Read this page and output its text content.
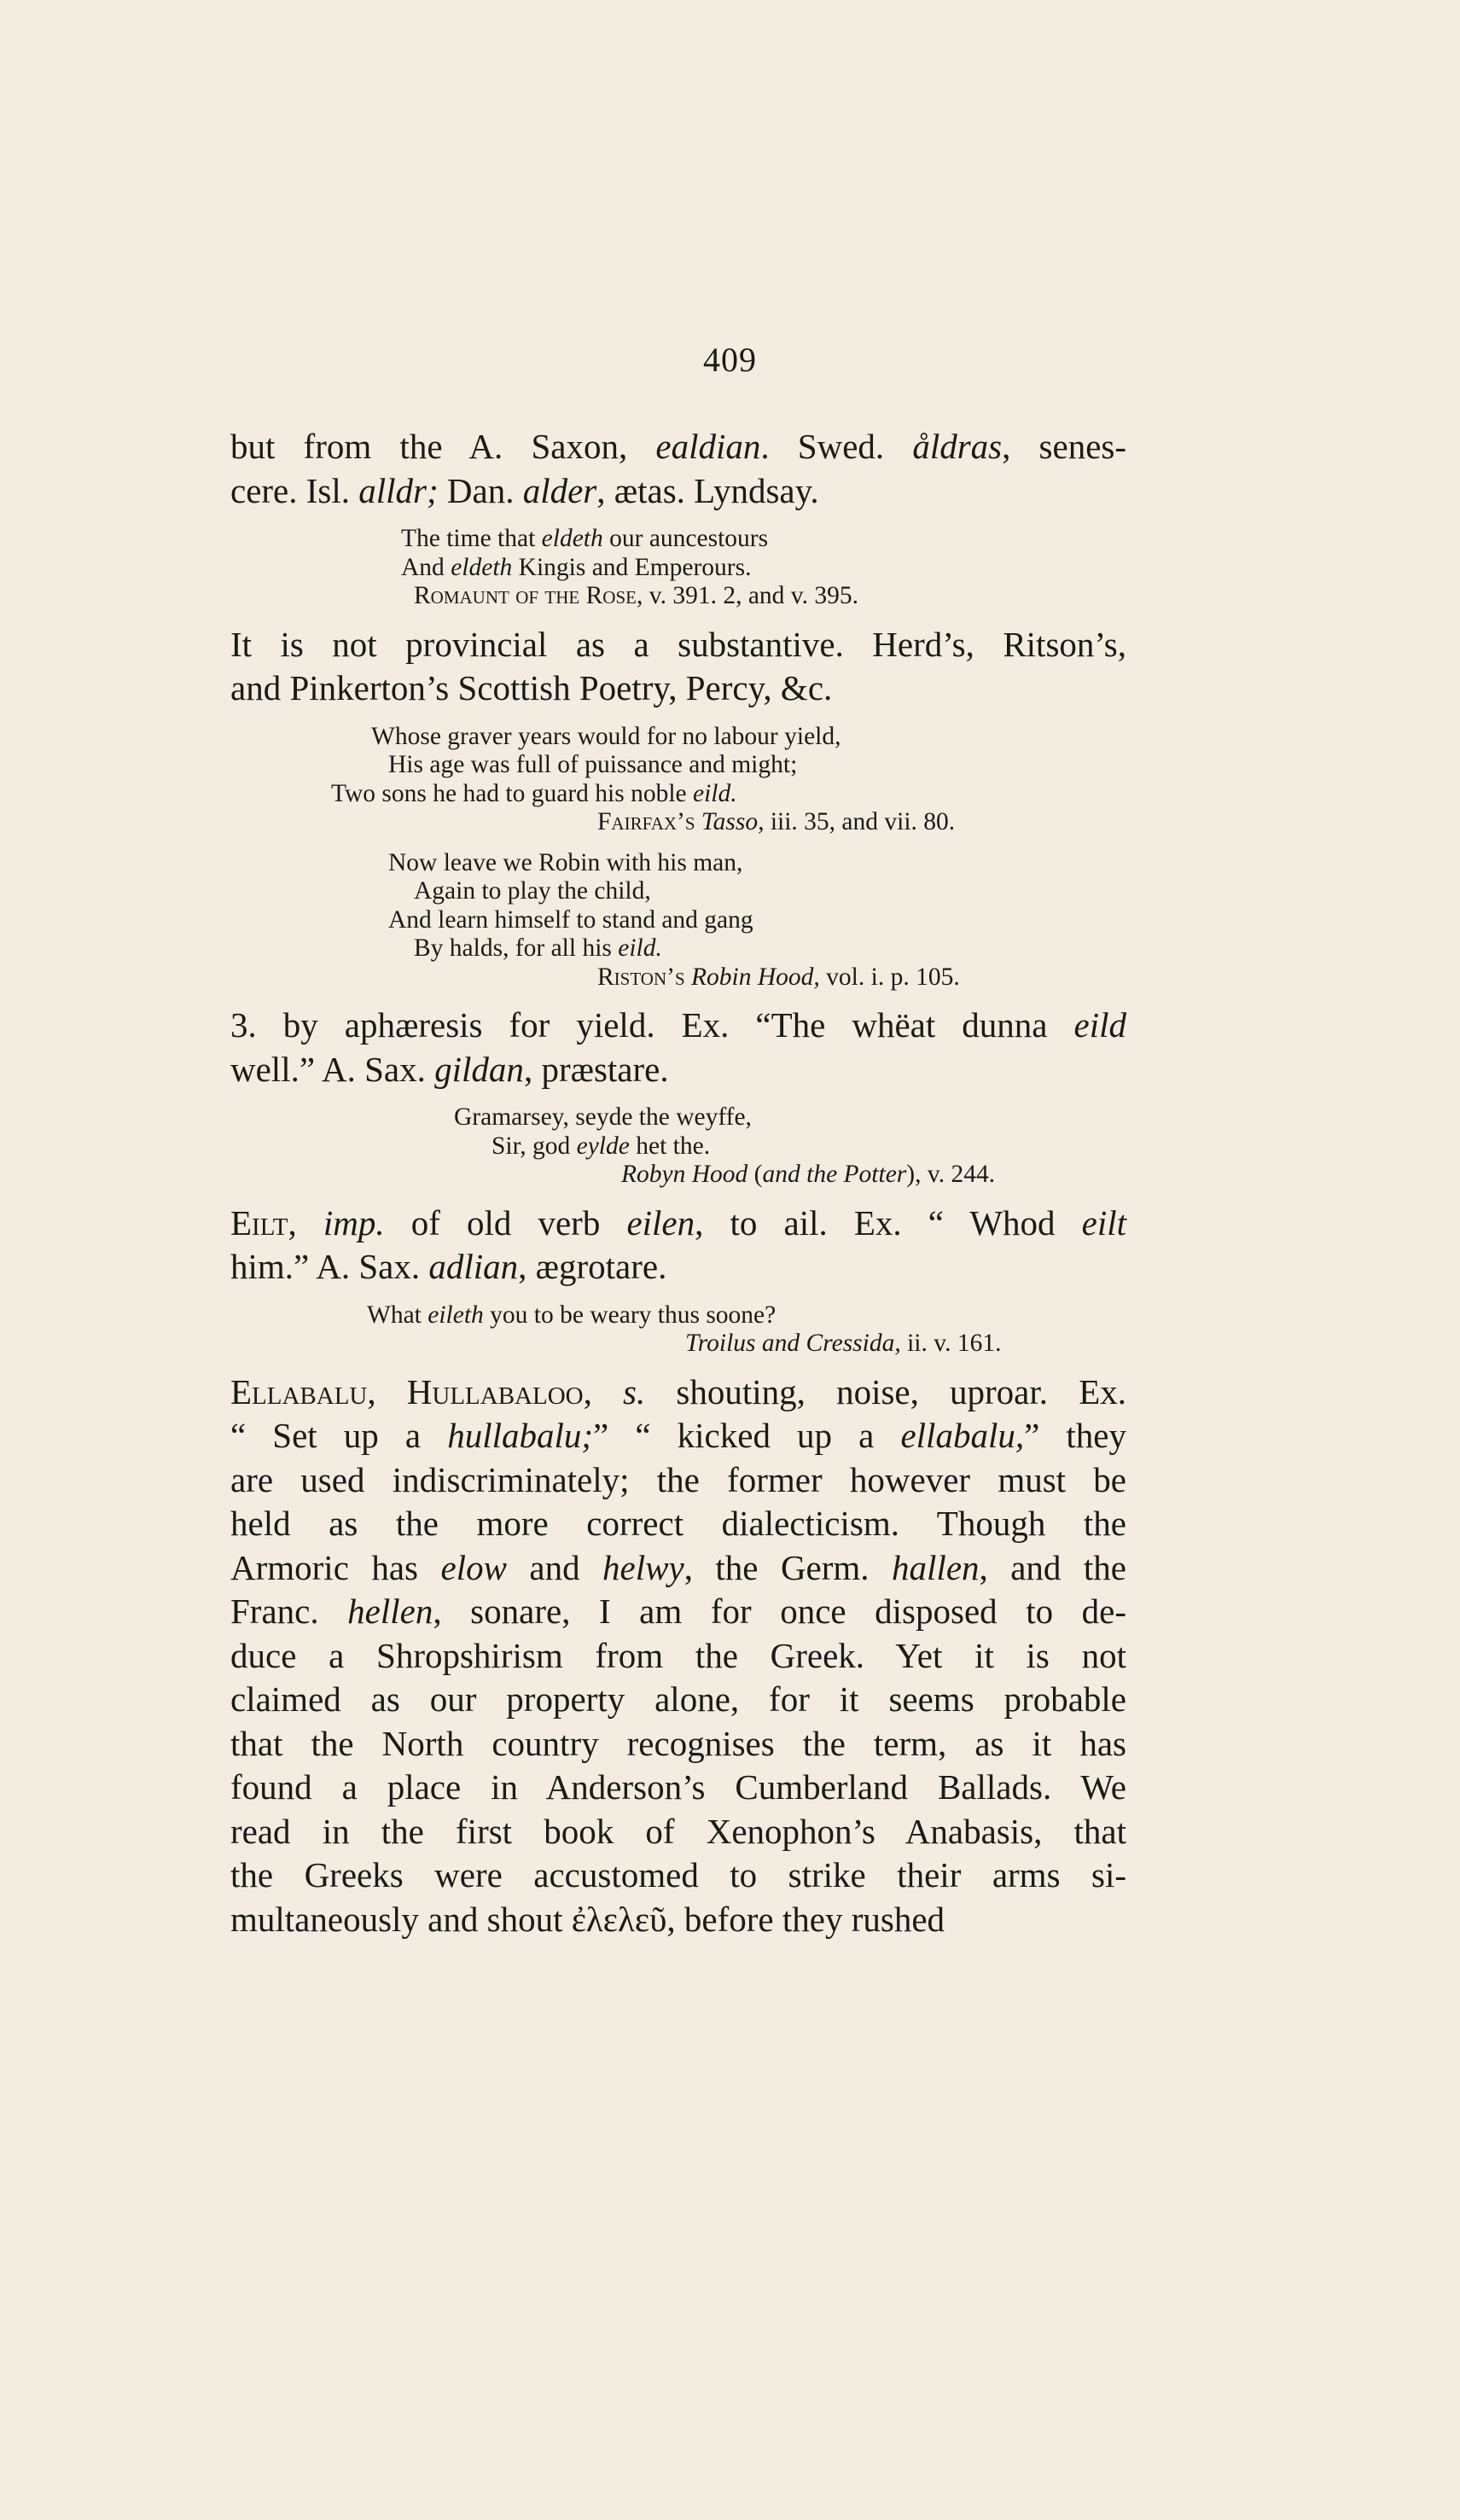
409
but from the A. Saxon, ealdian. Swed. åldras, senes-
cere. Isl. alldr; Dan. alder, ætas. Lyndsay.
The time that eldeth our auncestours
And eldeth Kingis and Emperours.
Romaunt of the Rose, v. 391. 2, and v. 395.
It is not provincial as a substantive. Herd’s, Ritson’s,
and Pinkerton’s Scottish Poetry, Percy, &c.
Whose graver years would for no labour yield,
His age was full of puissance and might;
Two sons he had to guard his noble eild.
Fairfax’s Tasso, iii. 35, and vii. 80.
Now leave we Robin with his man,
Again to play the child,
And learn himself to stand and gang
By halds, for all his eild.
Riston’s Robin Hood, vol. i. p. 105.
3. by aphæresis for yield. Ex. “The whëat dunna eild
well.” A. Sax. gildan, præstare.
Gramarsey, seyde the weyffe,
Sir, god eylde het the.
Robyn Hood (and the Potter), v. 244.
Eilt, imp. of old verb eilen, to ail. Ex. “ Whod eilt
him.” A. Sax. adlian, ægrotare.
What eileth you to be weary thus soone?
Troilus and Cressida, ii. v. 161.
Ellabalu, Hullabaloo, s. shouting, noise, uproar. Ex.
“ Set up a hullabalu;” “ kicked up a ellabalu,” they
are used indiscriminately; the former however must be
held as the more correct dialecticism. Though the
Armoric has elow and helwy, the Germ. hallen, and the
Franc. hellen, sonare, I am for once disposed to de-
duce a Shropshirism from the Greek. Yet it is not
claimed as our property alone, for it seems probable
that the North country recognises the term, as it has
found a place in Anderson’s Cumberland Ballads. We
read in the first book of Xenophon’s Anabasis, that
the Greeks were accustomed to strike their arms si-
multaneously and shout ἐλελεῦ, before they rushed
